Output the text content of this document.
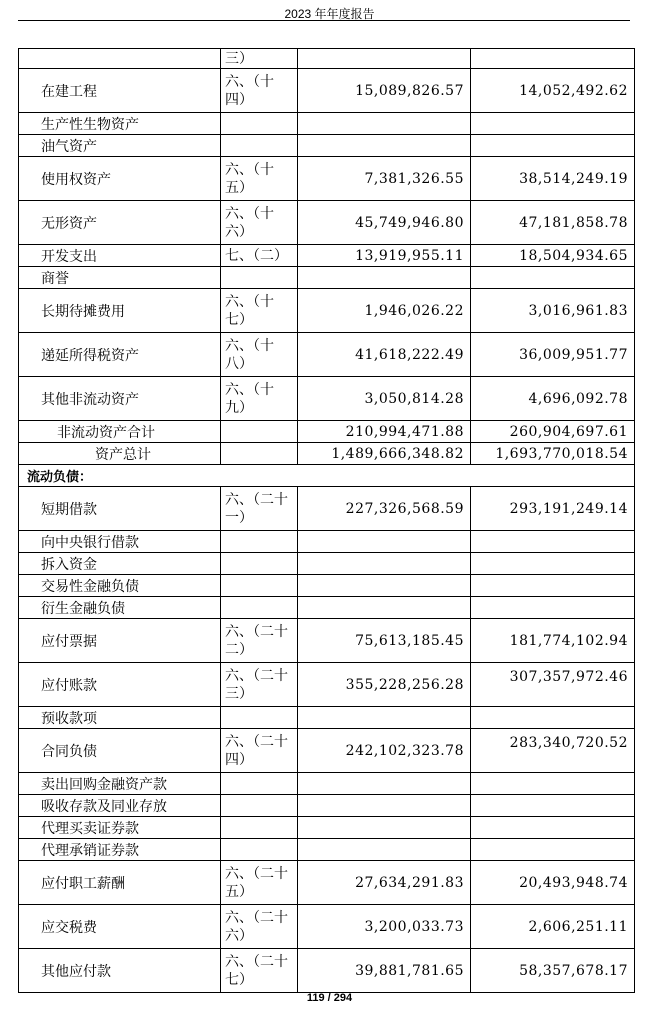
2023 年年度报告
	三）		
在建工程	六、（十四）	15,089,826.57	14,052,492.62
生产性生物资产			
油气资产			
使用权资产	六、（十五）	7,381,326.55	38,514,249.19
无形资产	六、（十六）	45,749,946.80	47,181,858.78
开发支出	七、（二）	13,919,955.11	18,504,934.65
商誉			
长期待摊费用	六、（十七）	1,946,026.22	3,016,961.83
递延所得税资产	六、（十八）	41,618,222.49	36,009,951.77
其他非流动资产	六、（十九）	3,050,814.28	4,696,092.78
非流动资产合计		210,994,471.88	260,904,697.61
资产总计		1,489,666,348.82	1,693,770,018.54
流动负债：			
短期借款	六、（二十一）	227,326,568.59	293,191,249.14
向中央银行借款			
拆入资金			
交易性金融负债			
衍生金融负债			
应付票据	六、（二十二）	75,613,185.45	181,774,102.94
应付账款	六、（二十三）	355,228,256.28	307,357,972.46
预收款项			
合同负债	六、（二十四）	242,102,323.78	283,340,720.52
卖出回购金融资产款			
吸收存款及同业存放			
代理买卖证券款			
代理承销证券款			
应付职工薪酬	六、（二十五）	27,634,291.83	20,493,948.74
应交税费	六、（二十六）	3,200,033.73	2,606,251.11
其他应付款	六、（二十七）	39,881,781.65	58,357,678.17
119 / 294
